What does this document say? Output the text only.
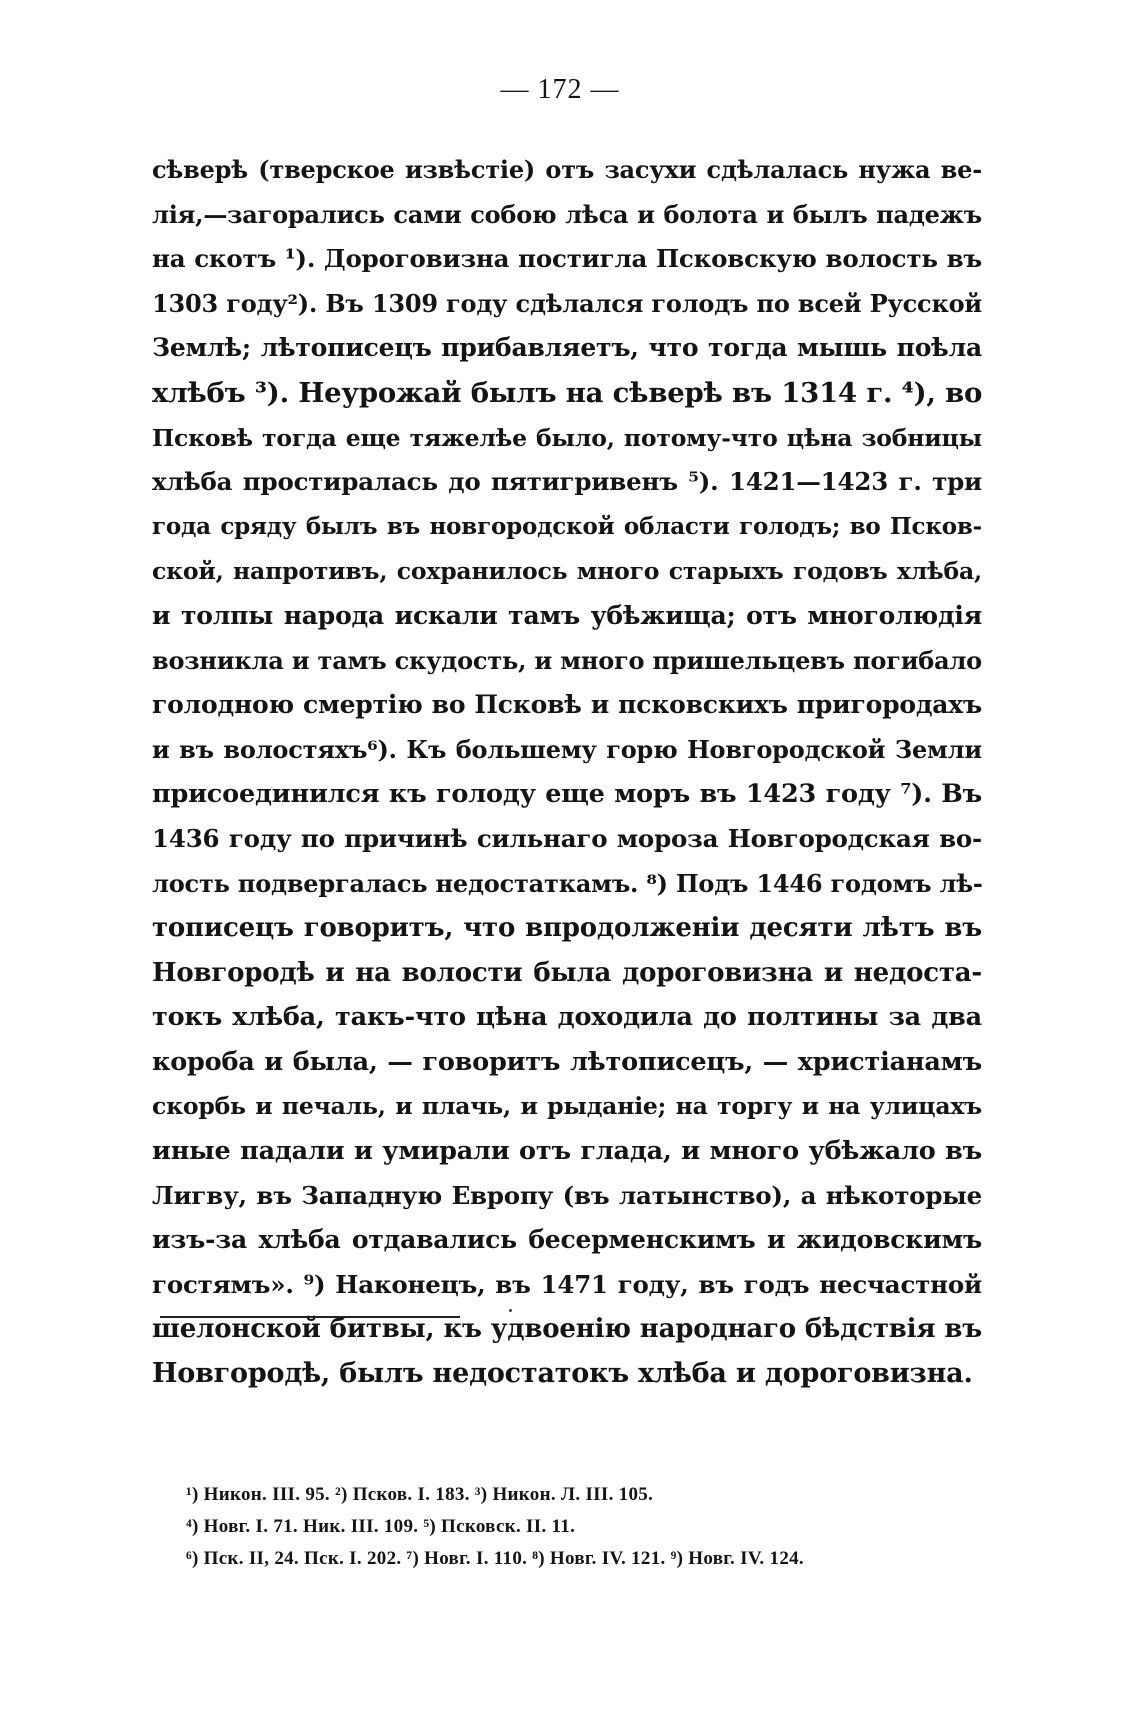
— 172 —
сѣверѣ (тверское извѣстіе) отъ засухи сдѣлалась нужа ве-
лія,—загорались сами собою лѣса и болота и былъ падежъ
на скотъ ¹). Дороговизна постигла Псковскую волость въ
1303 году²). Въ 1309 году сдѣлался голодъ по всей Русской
Землѣ; лѣтописецъ прибавляетъ, что тогда мышь поѣла
хлѣбъ ³). Неурожай былъ на сѣверѣ въ 1314 г. ⁴), во
Псковѣ тогда еще тяжелѣе было, потому-что цѣна зобницы
хлѣба простиралась до пятигривенъ ⁵). 1421—1423 г. три
года сряду былъ въ новгородской области голодъ; во Псков-
ской, напротивъ, сохранилось много старыхъ годовъ хлѣба,
и толпы народа искали тамъ убѣжища; отъ многолюдія
возникла и тамъ скудость, и много пришельцевъ погибало
голодною смертію во Псковѣ и псковскихъ пригородахъ
и въ волостяхъ⁶). Къ большему горю Новгородской Земли
присоединился къ голоду еще моръ въ 1423 году ⁷). Въ
1436 году по причинѣ сильнаго мороза Новгородская во-
лость подвергалась недостаткамъ. ⁸) Подъ 1446 годомъ лѣ-
тописецъ говоритъ, что впродолженіи десяти лѣтъ въ
Новгородѣ и на волости была дороговизна и недоста-
токъ хлѣба, такъ-что цѣна доходила до полтины за два
короба и была, — говоритъ лѣтописецъ, — христіанамъ
скорбь и печаль, и плачь, и рыданіе; на торгу и на улицахъ
иные падали и умирали отъ глада, и много убѣжало въ
Лигву, въ Западную Европу (въ латынство), а нѣкоторые
изъ-за хлѣба отдавались бесерменскимъ и жидовскимъ
гостямъ». ⁹) Наконецъ, въ 1471 году, въ годъ несчастной
шелонской битвы, къ удвоенію народнаго бѣдствія въ
Новгородѣ, былъ недостатокъ хлѣба и дороговизна.
¹) Никон. III. 95. ²) Псков. I. 183. ³) Никон. Л. III. 105.
⁴) Новг. I. 71. Ник. III. 109. ⁵) Псковск. II. 11.
⁶) Пск. II, 24. Пск. I. 202. ⁷) Новг. I. 110. ⁸) Новг. IV. 121. ⁹) Новг. IV. 124.
